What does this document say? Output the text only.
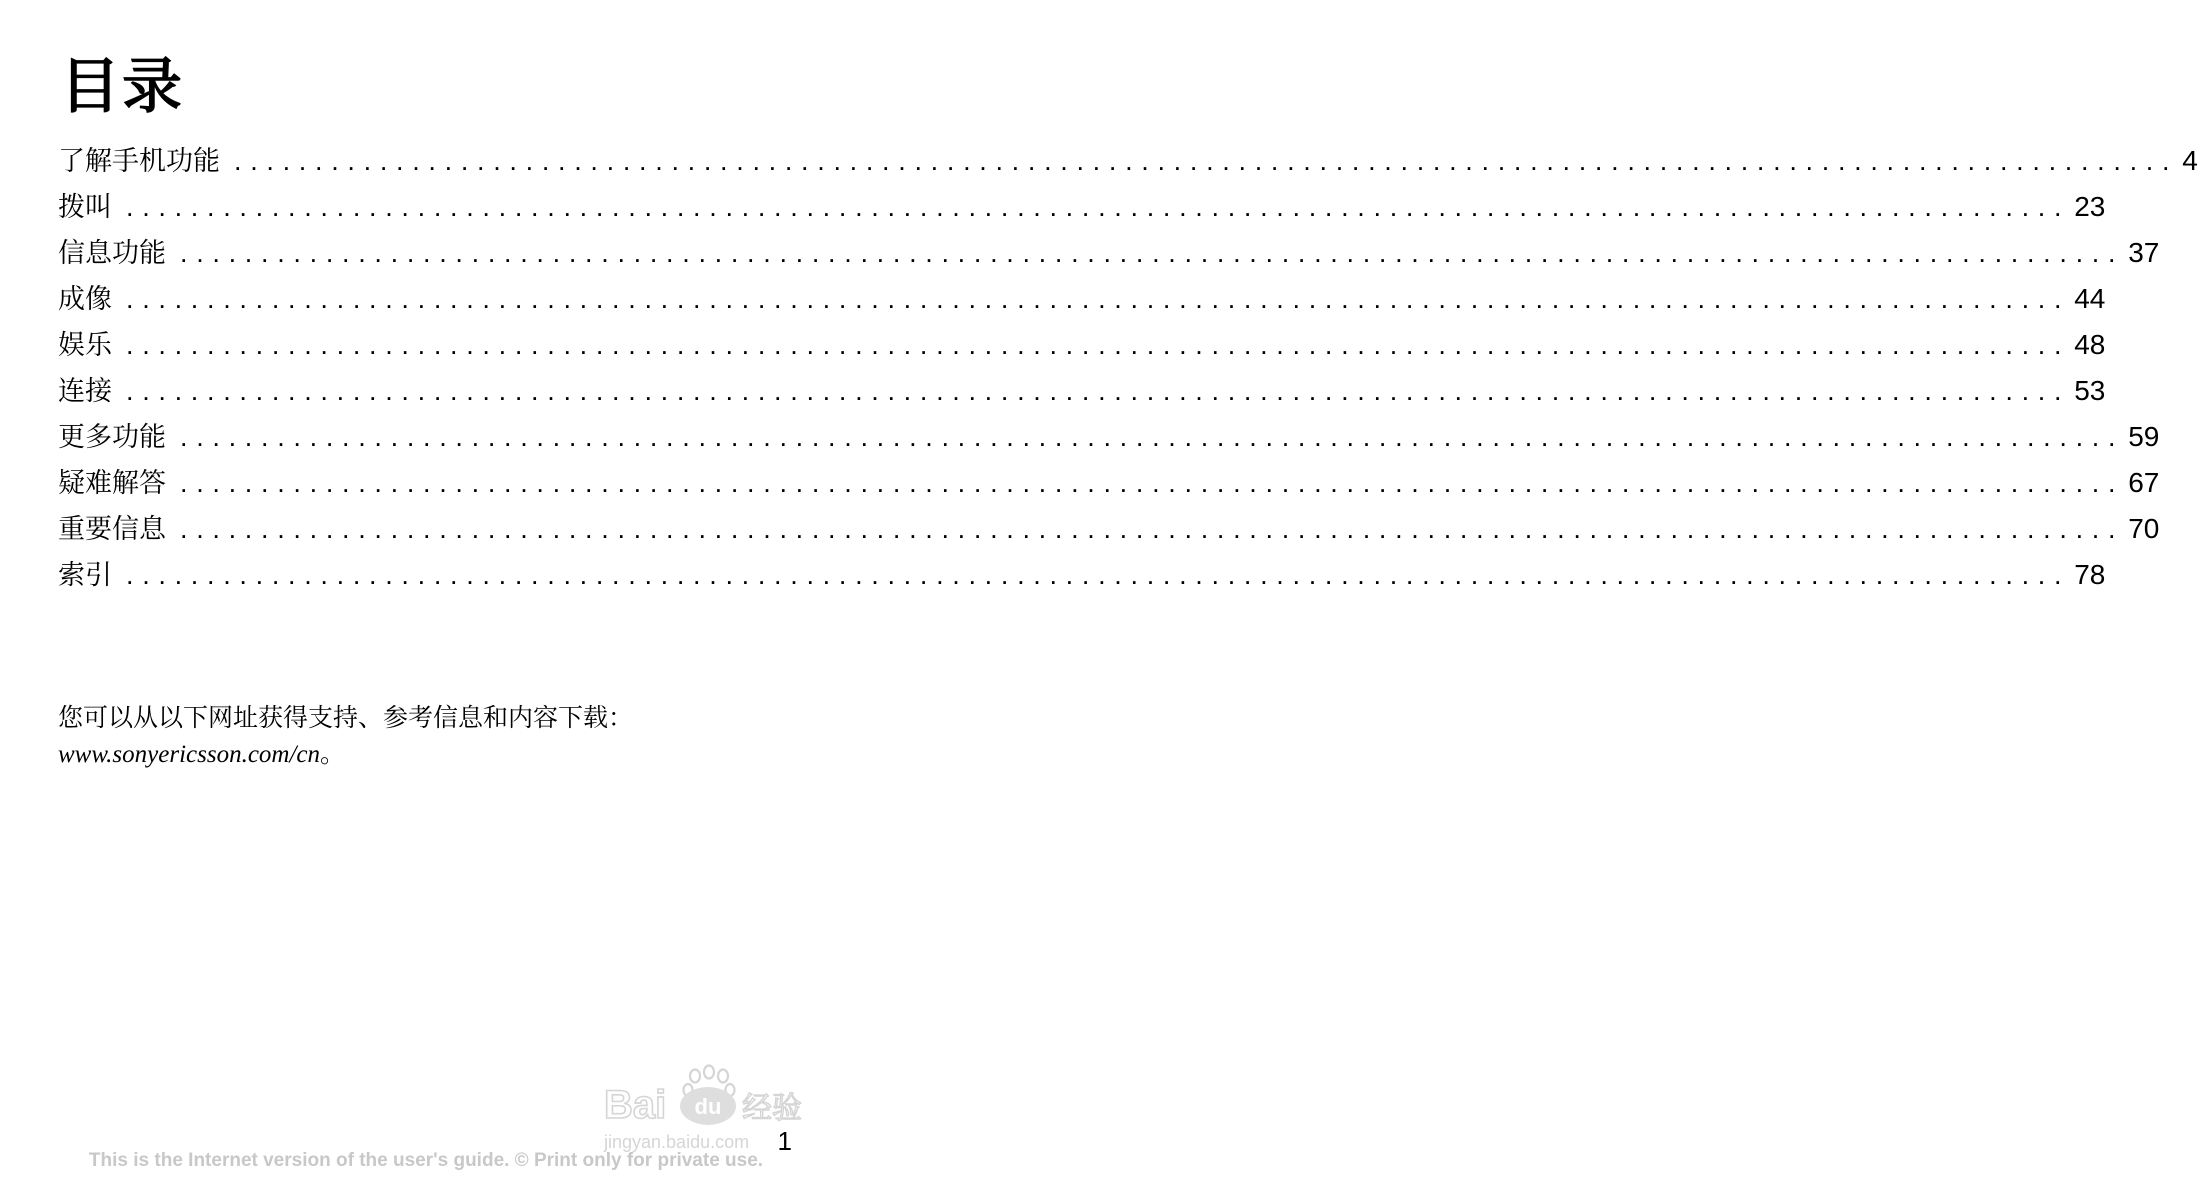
目录
了解手机功能 ........................................................................................................................ 4
拨叫 ........................................................................................................................ 23
信息功能 ........................................................................................................................ 37
成像 ........................................................................................................................ 44
娱乐 ........................................................................................................................ 48
连接 ........................................................................................................................ 53
更多功能 ........................................................................................................................ 59
疑难解答 ........................................................................................................................ 67
重要信息 ........................................................................................................................ 70
索引 ........................................................................................................................ 78
您可以从以下网址获得支持、参考信息和内容下载：
www.sonyericsson.com/cn。
Bai du 经验
jingyan.baidu.com 1
This is the Internet version of the user's guide. © Print only for private use.
